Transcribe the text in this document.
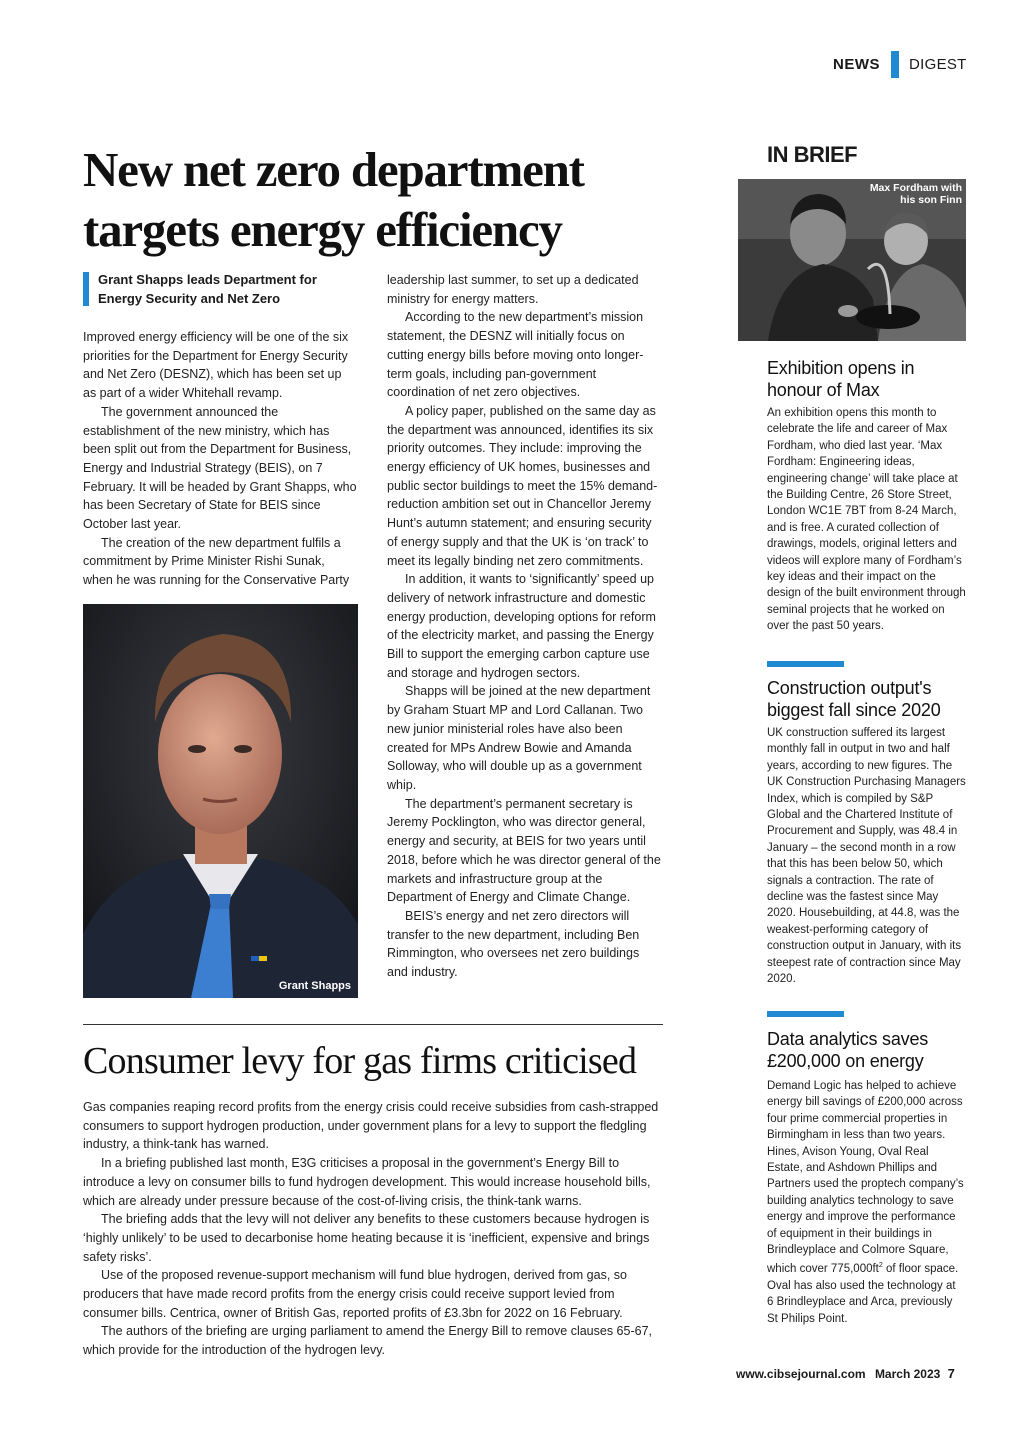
NEWS DIGEST
New net zero department
targets energy efficiency
Grant Shapps leads Department for Energy Security and Net Zero

Improved energy efficiency will be one of the six priorities for the Department for Energy Security and Net Zero (DESNZ), which has been set up as part of a wider Whitehall revamp.

The government announced the establishment of the new ministry, which has been split out from the Department for Business, Energy and Industrial Strategy (BEIS), on 7 February. It will be headed by Grant Shapps, who has been Secretary of State for BEIS since October last year.

The creation of the new department fulfils a commitment by Prime Minister Rishi Sunak, when he was running for the Conservative Party

Grant Shapps

leadership last summer, to set up a dedicated ministry for energy matters.

According to the new department’s mission statement, the DESNZ will initially focus on cutting energy bills before moving onto longer-term goals, including pan-government coordination of net zero objectives.

A policy paper, published on the same day as the department was announced, identifies its six priority outcomes. They include: improving the energy efficiency of UK homes, businesses and public sector buildings to meet the 15% demand-reduction ambition set out in Chancellor Jeremy Hunt’s autumn statement; and ensuring security of energy supply and that the UK is ‘on track’ to meet its legally binding net zero commitments.

In addition, it wants to ‘significantly’ speed up delivery of network infrastructure and domestic energy production, developing options for reform of the electricity market, and passing the Energy Bill to support the emerging carbon capture use and storage and hydrogen sectors.

Shapps will be joined at the new department by Graham Stuart MP and Lord Callanan. Two new junior ministerial roles have also been created for MPs Andrew Bowie and Amanda Solloway, who will double up as a government whip.

The department’s permanent secretary is Jeremy Pocklington, who was director general, energy and security, at BEIS for two years until 2018, before which he was director general of the markets and infrastructure group at the Department of Energy and Climate Change.

BEIS’s energy and net zero directors will transfer to the new department, including Ben Rimmington, who oversees net zero buildings and industry.

Consumer levy for gas firms criticised

Gas companies reaping record profits from the energy crisis could receive subsidies from cash-strapped consumers to support hydrogen production, under government plans for a levy to support the fledgling industry, a think-tank has warned.

In a briefing published last month, E3G criticises a proposal in the government’s Energy Bill to introduce a levy on consumer bills to fund hydrogen development. This would increase household bills, which are already under pressure because of the cost-of-living crisis, the think-tank warns.

The briefing adds that the levy will not deliver any benefits to these customers because hydrogen is ‘highly unlikely’ to be used to decarbonise home heating because it is ‘inefficient, expensive and brings safety risks’.

Use of the proposed revenue-support mechanism will fund blue hydrogen, derived from gas, so producers that have made record profits from the energy crisis could receive support levied from consumer bills. Centrica, owner of British Gas, reported profits of £3.3bn for 2022 on 16 February.

The authors of the briefing are urging parliament to amend the Energy Bill to remove clauses 65-67, which provide for the introduction of the hydrogen levy.

IN BRIEF
Max Fordham with
his son Finn
Exhibition opens in
honour of Max
An exhibition opens this month to celebrate the life and career of Max Fordham, who died last year. ‘Max Fordham: Engineering ideas, engineering change’ will take place at the Building Centre, 26 Store Street, London WC1E 7BT from 8-24 March, and is free. A curated collection of drawings, models, original letters and videos will explore many of Fordham’s key ideas and their impact on the design of the built environment through seminal projects that he worked on over the past 50 years.
Construction output's
biggest fall since 2020
UK construction suffered its largest monthly fall in output in two and half years, according to new figures. The UK Construction Purchasing Managers Index, which is compiled by S&P Global and the Chartered Institute of Procurement and Supply, was 48.4 in January – the second month in a row that this has been below 50, which signals a contraction. The rate of decline was the fastest since May 2020. Housebuilding, at 44.8, was the weakest-performing category of construction output in January, with its steepest rate of contraction since May 2020.
Data analytics saves
£200,000 on energy
Demand Logic has helped to achieve energy bill savings of £200,000 across four prime commercial properties in Birmingham in less than two years. Hines, Avison Young, Oval Real Estate, and Ashdown Phillips and Partners used the proptech company’s building analytics technology to save energy and improve the performance of equipment in their buildings in Brindleyplace and Colmore Square, which cover $775,000ft^2$ of floor space. Oval has also used the technology at 6 Brindleyplace and Arca, previously St Philips Point.
www.cibsejournal.com March 2023 7
